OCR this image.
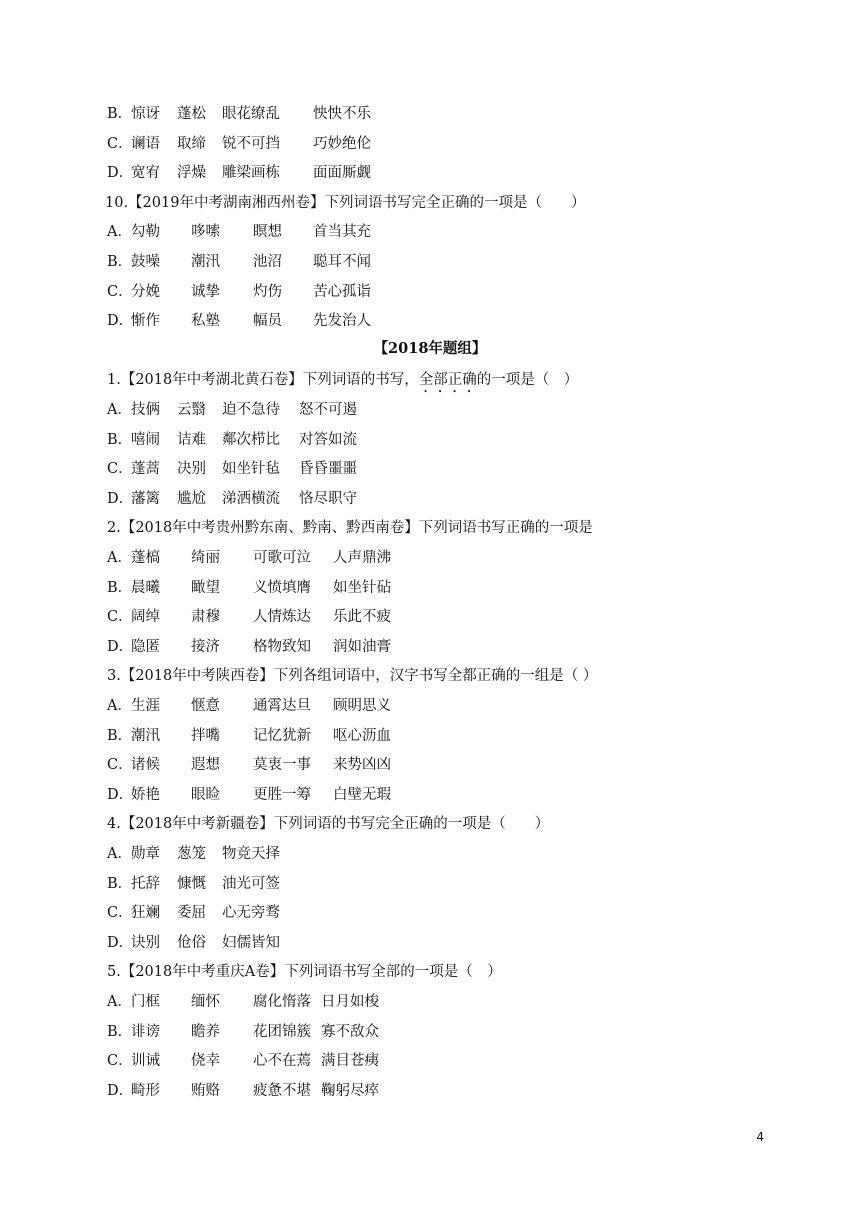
B．
惊讶 蓬松 眼花缭乱 怏怏不乐
C．
谰语 取缔 锐不可挡 巧妙绝伦
D．
宽宥 浮燥 雕梁画栋 面面厮觑
10.【2019年中考湖南湘西州卷】下列词语书写完全正确的一项是（　　）
A． 勾勒 哆嗦 瞑想 首当其充
B．
鼓噪 潮汛 池沼 聪耳不闻
C．
分娩 诚挚 灼伤 苦心孤诣
D．
惭作 私塾 幅员 先发治人
【2018年题组】
1.【2018年中考湖北黄石卷】下列词语的书写，全部正确的一项是（　）
A． 技俩 云翳 迫不急待 怒不可遏
B．
嘻闹 诘难 鄰次栉比 对答如流
C．
蓬蒿 决别 如坐针毡 昏昏噩噩
D．
藩篱 尴尬 涕洒横流 恪尽职守
2.【2018年中考贵州黔东南、黔南、黔西南卷】下列词语书写正确的一项是
A． 蓬槁 绮丽 可歌可泣 人声鼎沸
B．
晨曦 瞰望 义愤填膺 如坐针砧
C．
阔绰 肃穆 人情炼达 乐此不疲
D．
隐匿 接济 格物致知 润如油膏
3.【2018年中考陕西卷】下列各组词语中，汉字书写全都正确的一组是（ ）
A． 生涯 惬意 通霄达旦 顾明思义
B．
潮汛 拌嘴 记忆犹新 呕心沥血
C．
诸候 遐想 莫衷一事 来势凶凶
D．
娇艳 眼睑 更胜一筹 白壁无瑕
4.【2018年中考新疆卷】下列词语的书写完全正确的一项是（　　）
A． 勋章 葱笼 物竞天择
B．
托辞 慷慨 油光可签
C．
狂斓 委屈 心无旁骛
D．
诀别 伧俗 妇儒皆知
5.【2018年中考重庆A卷】下列词语书写全部的一项是（　）
A． 门框 缅怀 腐化惰落 日月如梭
B．
诽谤 瞻养 花团锦簇 寡不敌众
C．
训诫 侥幸 心不在蔫 满目苍痍
D．
畸形 贿赂 疲惫不堪 鞠躬尽瘁
4
